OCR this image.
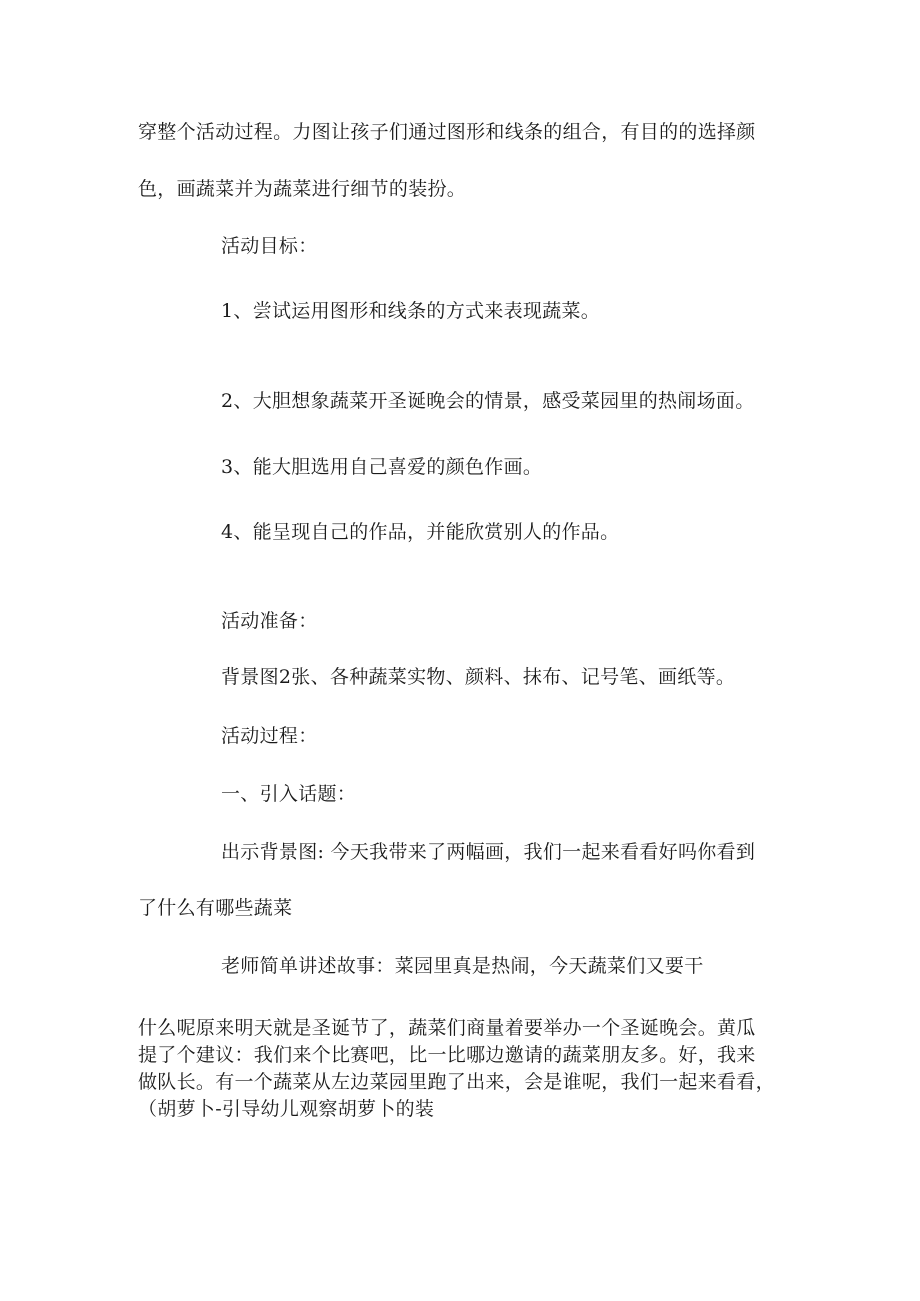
穿整个活动过程。力图让孩子们通过图形和线条的组合，有目的的选择颜
色，画蔬菜并为蔬菜进行细节的装扮。
活动目标：
1、尝试运用图形和线条的方式来表现蔬菜。
2、大胆想象蔬菜开圣诞晚会的情景，感受菜园里的热闹场面。
3、能大胆选用自己喜爱的颜色作画。
4、能呈现自己的作品，并能欣赏别人的作品。
活动准备：
背景图2张、各种蔬菜实物、颜料、抹布、记号笔、画纸等。
活动过程：
一、引入话题：
出示背景图: 今天我带来了两幅画，我们一起来看看好吗你看到
了什么有哪些蔬菜
老师简单讲述故事：菜园里真是热闹，今天蔬菜们又要干
什么呢原来明天就是圣诞节了，蔬菜们商量着要举办一个圣诞晚会。黄瓜
提了个建议：我们来个比赛吧，比一比哪边邀请的蔬菜朋友多。好，我来
做队长。有一个蔬菜从左边菜园里跑了出来，会是谁呢，我们一起来看看，
（胡萝卜-引导幼儿观察胡萝卜的装
